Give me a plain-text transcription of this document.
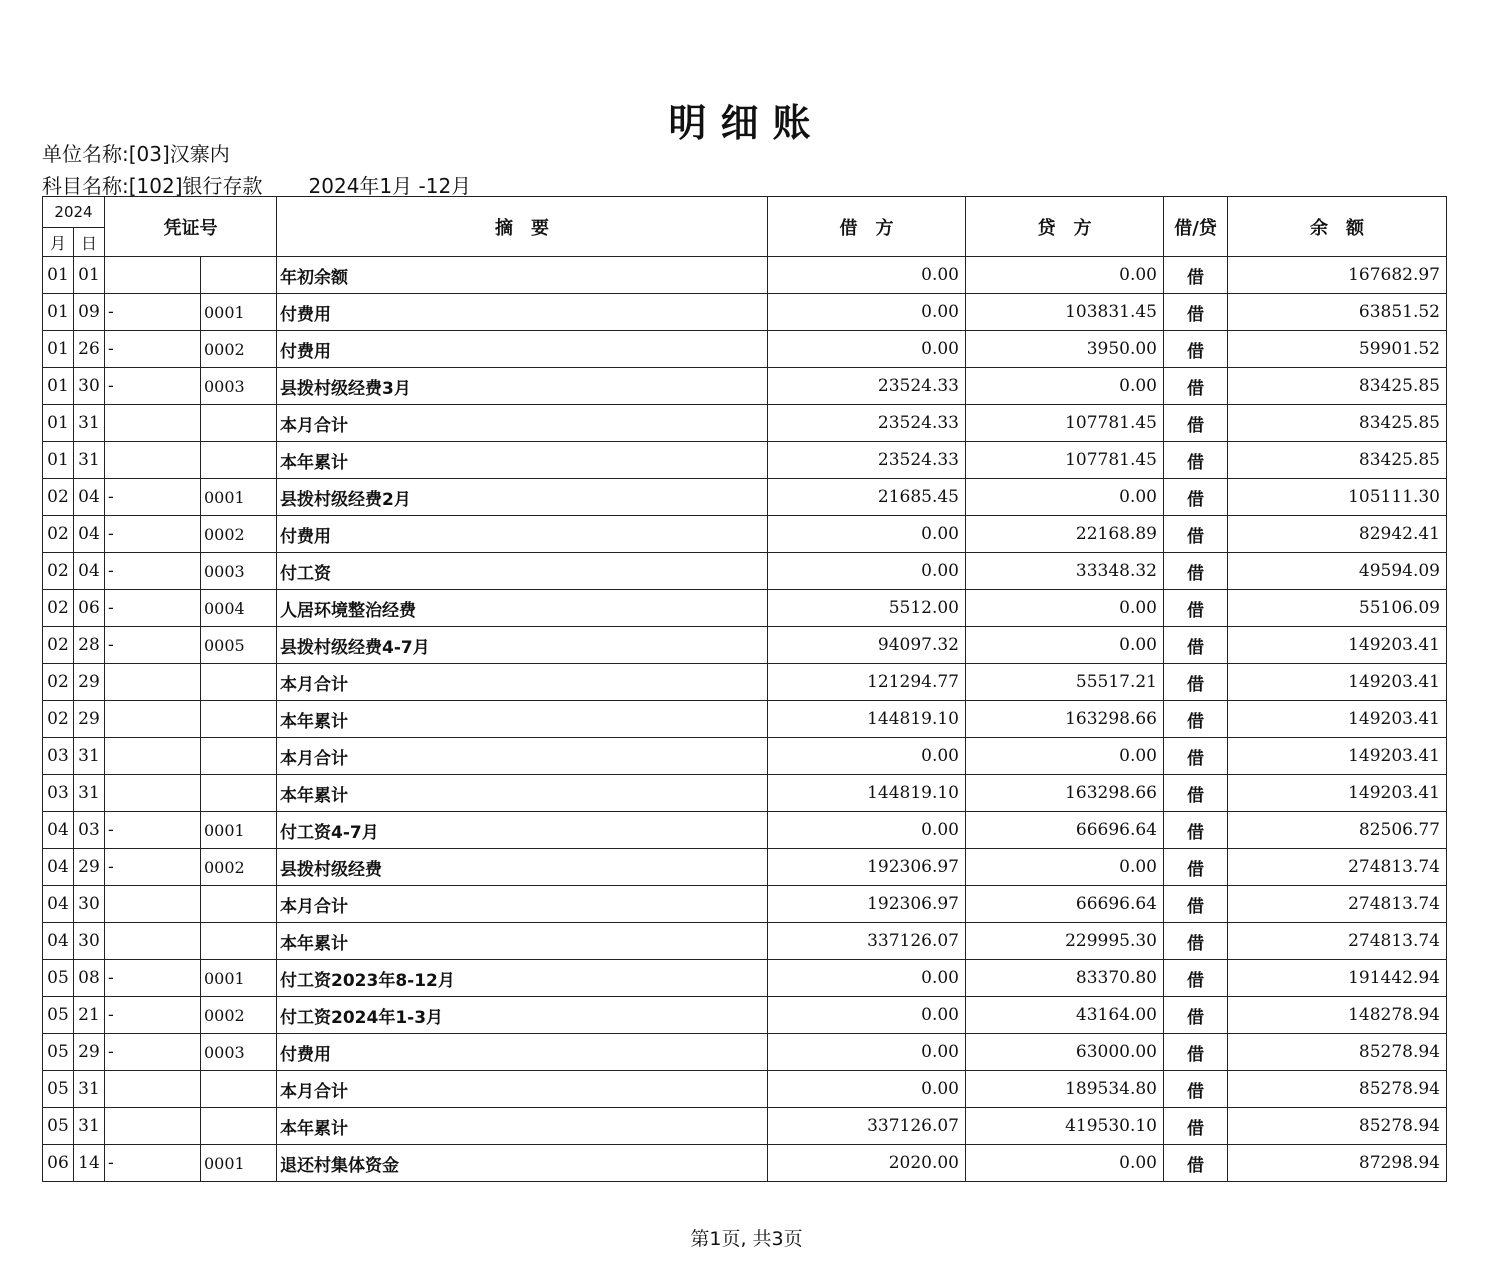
明细账
单位名称:[03]汉寨内
科目名称:[102]银行存款 2024年1月 -12月
2024		凭证号		摘　要	借　方	贷　方	借/贷	余　额
月	日							
01	01			年初余额	0.00	0.00	借	167682.97
01	09	-	0001	付费用	0.00	103831.45	借	63851.52
01	26	-	0002	付费用	0.00	3950.00	借	59901.52
01	30	-	0003	县拨村级经费3月	23524.33	0.00	借	83425.85
01	31			本月合计	23524.33	107781.45	借	83425.85
01	31			本年累计	23524.33	107781.45	借	83425.85
02	04	-	0001	县拨村级经费2月	21685.45	0.00	借	105111.30
02	04	-	0002	付费用	0.00	22168.89	借	82942.41
02	04	-	0003	付工资	0.00	33348.32	借	49594.09
02	06	-	0004	人居环境整治经费	5512.00	0.00	借	55106.09
02	28	-	0005	县拨村级经费4-7月	94097.32	0.00	借	149203.41
02	29			本月合计	121294.77	55517.21	借	149203.41
02	29			本年累计	144819.10	163298.66	借	149203.41
03	31			本月合计	0.00	0.00	借	149203.41
03	31			本年累计	144819.10	163298.66	借	149203.41
04	03	-	0001	付工资4-7月	0.00	66696.64	借	82506.77
04	29	-	0002	县拨村级经费	192306.97	0.00	借	274813.74
04	30			本月合计	192306.97	66696.64	借	274813.74
04	30			本年累计	337126.07	229995.30	借	274813.74
05	08	-	0001	付工资2023年8-12月	0.00	83370.80	借	191442.94
05	21	-	0002	付工资2024年1-3月	0.00	43164.00	借	148278.94
05	29	-	0003	付费用	0.00	63000.00	借	85278.94
05	31			本月合计	0.00	189534.80	借	85278.94
05	31			本年累计	337126.07	419530.10	借	85278.94
06	14	-	0001	退还村集体资金	2020.00	0.00	借	87298.94
第1页, 共3页
